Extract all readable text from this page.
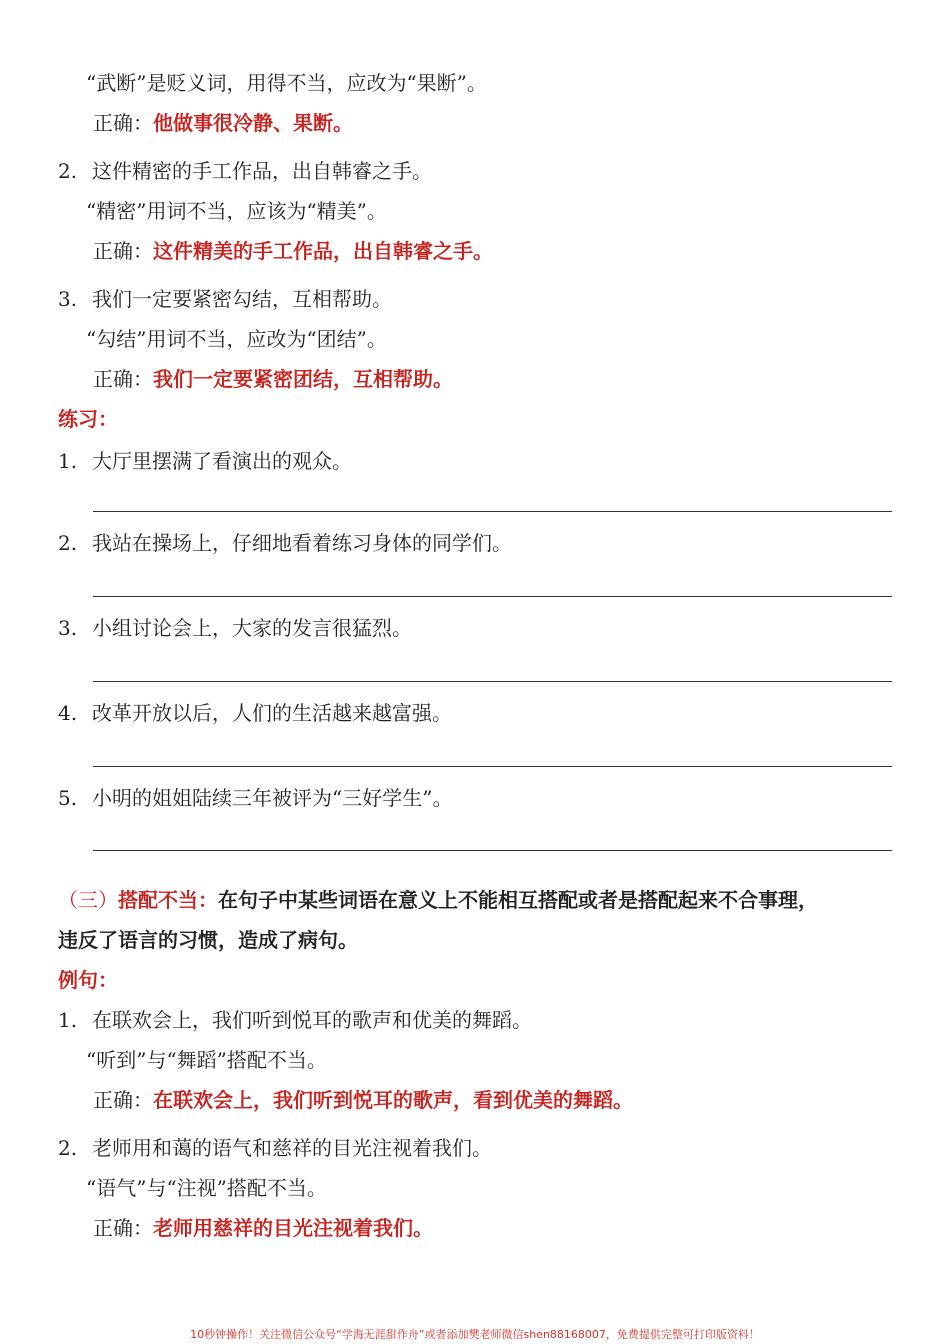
“武断”是贬义词，用得不当，应改为“果断”。
正确：他做事很冷静、果断。
2. 这件精密的手工作品，出自韩睿之手。
“精密”用词不当，应该为“精美”。
正确：这件精美的手工作品，出自韩睿之手。
3. 我们一定要紧密勾结，互相帮助。
“勾结”用词不当，应改为“团结”。
正确：我们一定要紧密团结，互相帮助。
练习：
1. 大厅里摆满了看演出的观众。
2. 我站在操场上，仔细地看着练习身体的同学们。
3. 小组讨论会上，大家的发言很猛烈。
4. 改革开放以后，人们的生活越来越富强。
5. 小明的姐姐陆续三年被评为“三好学生”。
（三）搭配不当：在句子中某些词语在意义上不能相互搭配或者是搭配起来不合事理，
违反了语言的习惯，造成了病句。
例句：
1. 在联欢会上，我们听到悦耳的歌声和优美的舞蹈。
“听到”与“舞蹈”搭配不当。
正确：在联欢会上，我们听到悦耳的歌声，看到优美的舞蹈。
2. 老师用和蔼的语气和慈祥的目光注视着我们。
“语气”与“注视”搭配不当。
正确：老师用慈祥的目光注视着我们。
10秒钟操作！关注微信公众号“学海无涯甜作舟”或者添加樊老师微信shen88168007，免费提供完整可打印版资料！
